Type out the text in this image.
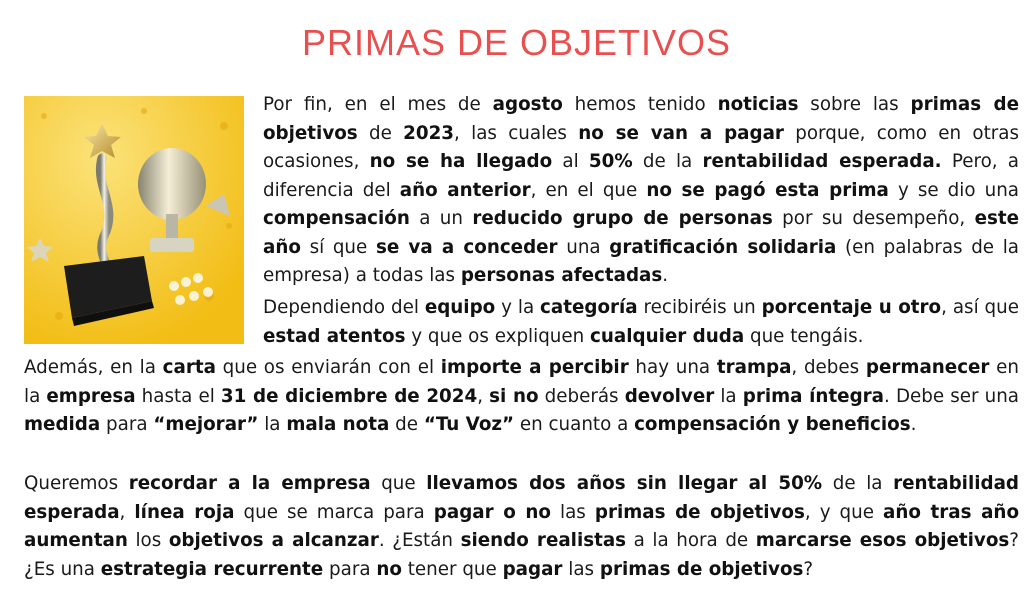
PRIMAS DE OBJETIVOS

Por fin, en el mes de agosto hemos tenido noticias sobre las primas de objetivos de 2023, las cuales no se van a pagar porque, como en otras ocasiones, no se ha llegado al 50% de la rentabilidad esperada. Pero, a diferencia del año anterior, en el que no se pagó esta prima y se dio una compensación a un reducido grupo de personas por su desempeño, este año sí que se va a conceder una gratificación solidaria (en palabras de la empresa) a todas las personas afectadas.

Dependiendo del equipo y la categoría recibiréis un porcentaje u otro, así que estad atentos y que os expliquen cualquier duda que tengáis.

Además, en la carta que os enviarán con el importe a percibir hay una trampa, debes permanecer en la empresa hasta el 31 de diciembre de 2024, si no deberás devolver la prima íntegra. Debe ser una medida para “mejorar” la mala nota de “Tu Voz” en cuanto a compensación y beneficios.

Queremos recordar a la empresa que llevamos dos años sin llegar al 50% de la rentabilidad esperada, línea roja que se marca para pagar o no las primas de objetivos, y que año tras año aumentan los objetivos a alcanzar. ¿Están siendo realistas a la hora de marcarse esos objetivos? ¿Es una estrategia recurrente para no tener que pagar las primas de objetivos?
